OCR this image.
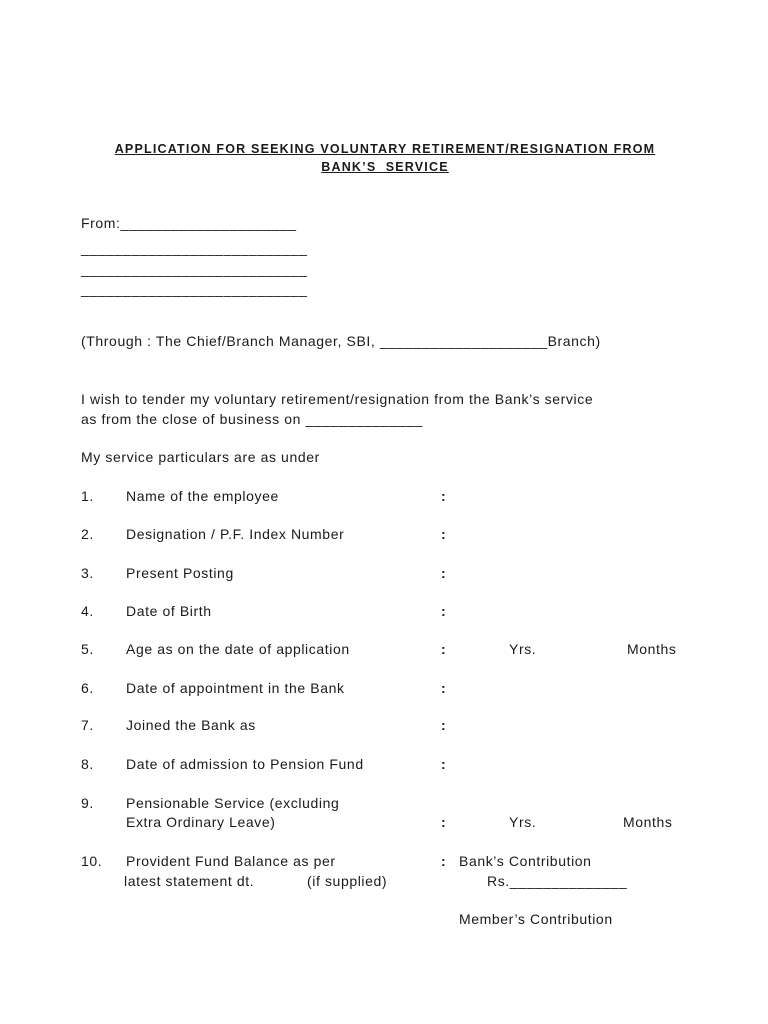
APPLICATION FOR SEEKING VOLUNTARY RETIREMENT/RESIGNATION FROM
BANK’S  SERVICE
From:_____________________
___________________________
___________________________
___________________________
(Through : The Chief/Branch Manager, SBI, ____________________Branch)
I wish to tender my voluntary retirement/resignation from the Bank’s service
as from the close of business on ______________
My service particulars are as under
1. Name of the employee	:
2. Designation / P.F. Index Number	:
3. Present Posting	:
4. Date of Birth	:
5. Age as on the date of application	:	Yrs.	Months
6. Date of appointment in the Bank	:
7. Joined the Bank as	:
8. Date of admission to Pension Fund	:
9. Pensionable Service (excluding
Extra Ordinary Leave)	:	Yrs.	Months
10. Provident Fund Balance as per	: Bank’s Contribution
latest statement dt.	(if supplied)	Rs.______________
Member’s Contribution
